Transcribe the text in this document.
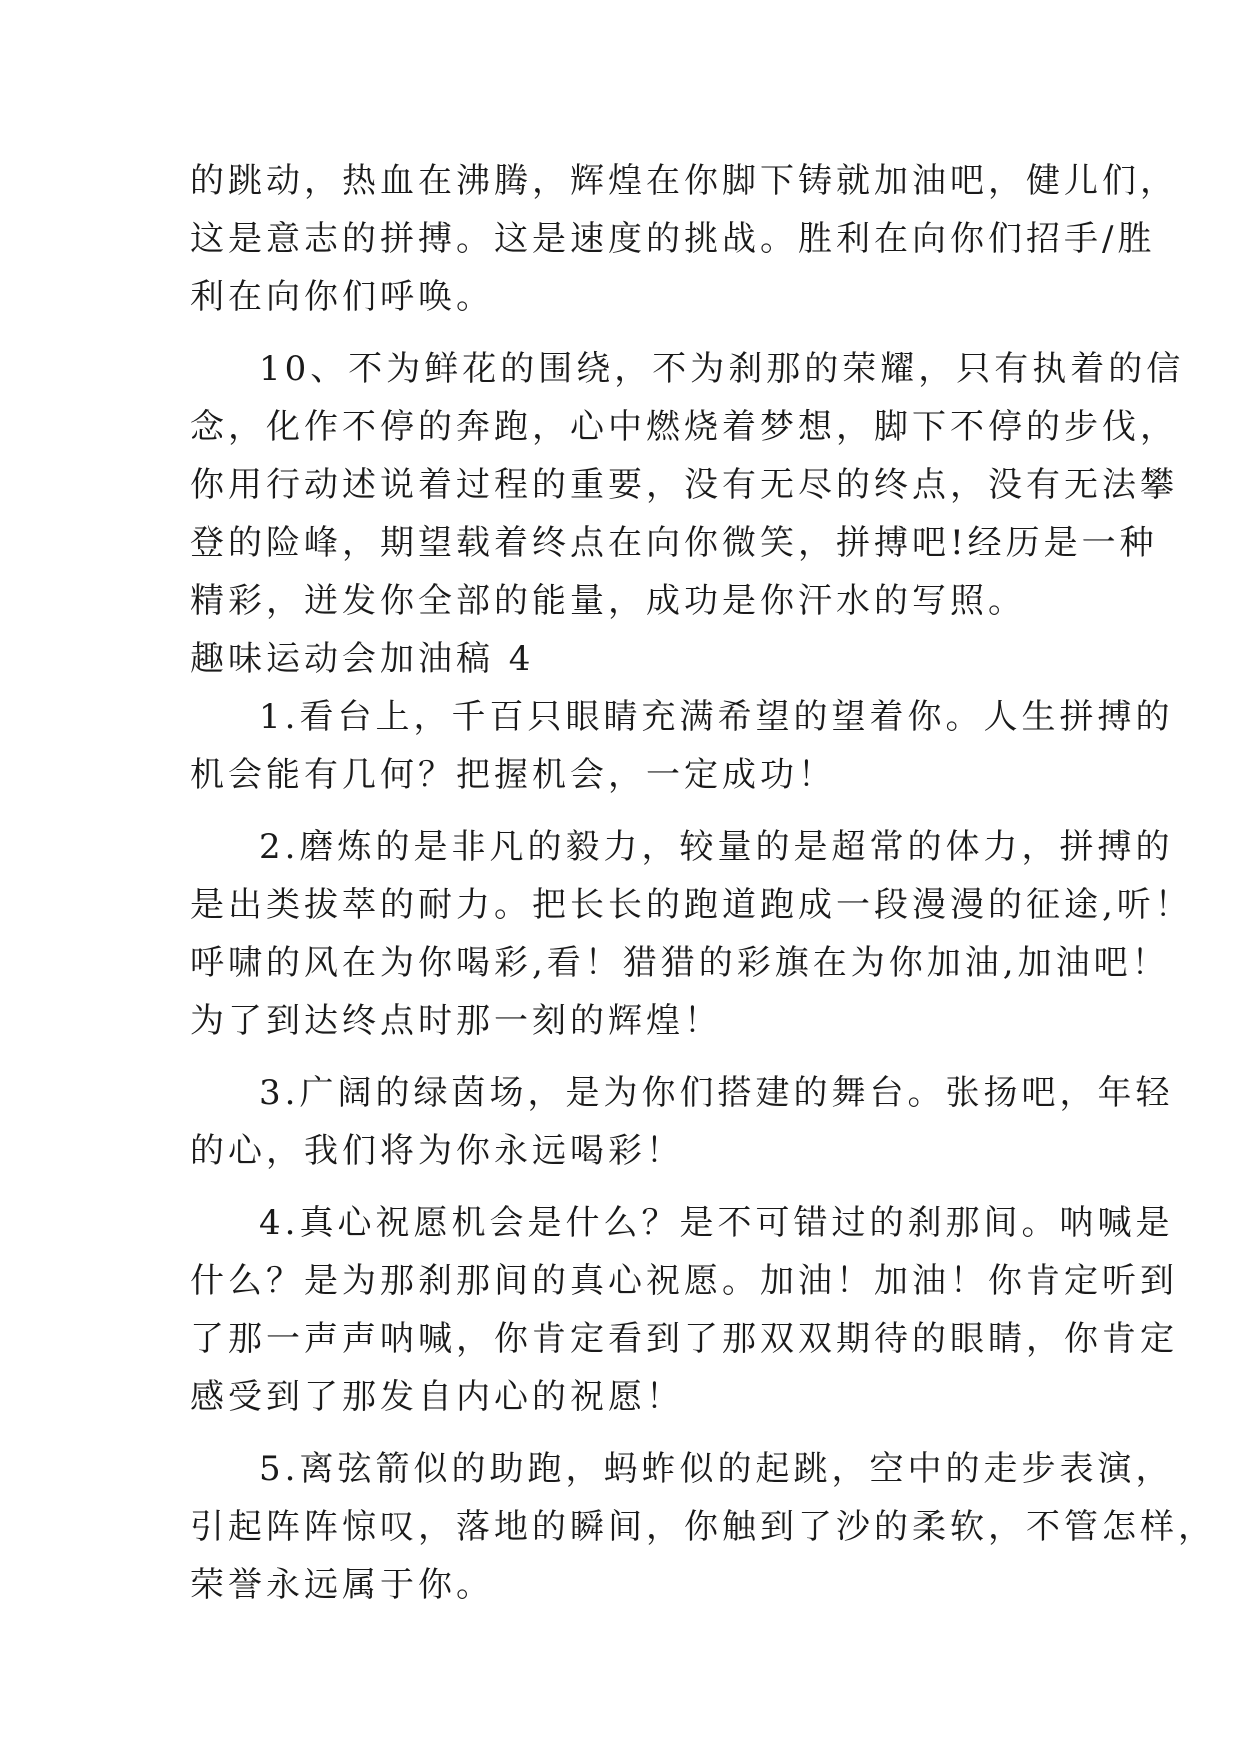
的跳动，热血在沸腾，辉煌在你脚下铸就加油吧，健儿们，
这是意志的拼搏。这是速度的挑战。胜利在向你们招手/胜
利在向你们呼唤。
10、不为鲜花的围绕，不为刹那的荣耀，只有执着的信
念，化作不停的奔跑，心中燃烧着梦想，脚下不停的步伐，
你用行动述说着过程的重要，没有无尽的终点，没有无法攀
登的险峰，期望载着终点在向你微笑，拼搏吧!经历是一种
精彩，迸发你全部的能量，成功是你汗水的写照。
趣味运动会加油稿 4
1.看台上，千百只眼睛充满希望的望着你。人生拼搏的
机会能有几何？把握机会，一定成功！
2.磨炼的是非凡的毅力，较量的是超常的体力，拼搏的
是出类拔萃的耐力。把长长的跑道跑成一段漫漫的征途,听！
呼啸的风在为你喝彩,看！猎猎的彩旗在为你加油,加油吧！
为了到达终点时那一刻的辉煌！
3.广阔的绿茵场，是为你们搭建的舞台。张扬吧，年轻
的心，我们将为你永远喝彩！
4.真心祝愿机会是什么？是不可错过的刹那间。呐喊是
什么？是为那刹那间的真心祝愿。加油！加油！你肯定听到
了那一声声呐喊，你肯定看到了那双双期待的眼睛，你肯定
感受到了那发自内心的祝愿！
5.离弦箭似的助跑，蚂蚱似的起跳，空中的走步表演，
引起阵阵惊叹，落地的瞬间，你触到了沙的柔软，不管怎样，
荣誉永远属于你。
